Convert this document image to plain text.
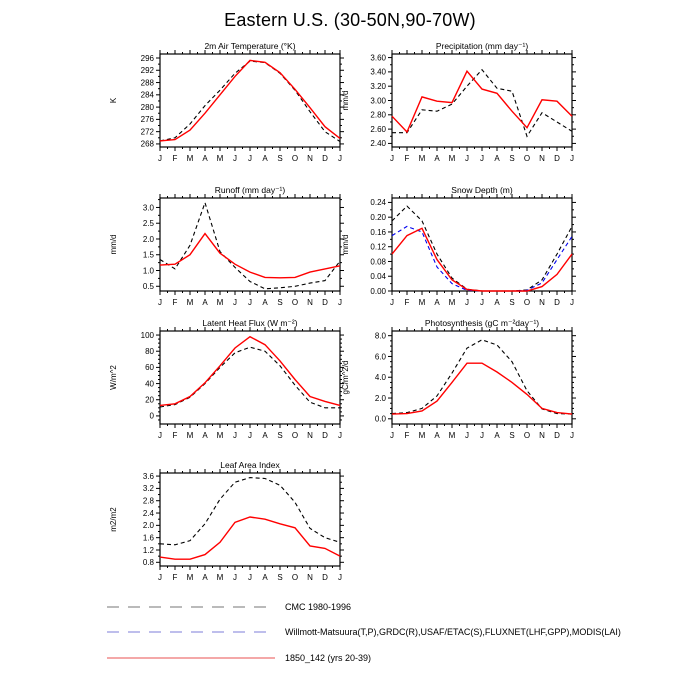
Eastern U.S. (30-50N,90-70W)
J F M A M J J A S O N D J
268
272
276
280
284
288
292
296
2m Air Temperature (°K)
K
J F M A M J J A S O N D J
2.40
2.60
2.80
3.00
3.20
3.40
3.60
Precipitation (mm day⁻¹)
mm/d
J F M A M J J A S O N D J
0.5
1.0
1.5
2.0
2.5
3.0
Runoff (mm day⁻¹)
mm/d
J F M A M J J A S O N D J
0.00
0.04
0.08
0.12
0.16
0.20
0.24
Snow Depth (m)
mm/d
J F M A M J J A S O N D J
0
20
40
60
80
100
Latent Heat Flux (W m⁻²)
W/m^2
J F M A M J J A S O N D J
0.0
2.0
4.0
6.0
8.0
Photosynthesis (gC m⁻²day⁻¹)
gC/m^2/d
J F M A M J J A S O N D J
0.8
1.2
1.6
2.0
2.4
2.8
3.2
3.6
Leaf Area Index
m2/m2
CMC 1980-1996
Willmott-Matsuura(T,P),GRDC(R),USAF/ETAC(S),FLUXNET(LHF,GPP),MODIS(LAI)
1850_142 (yrs 20-39)
